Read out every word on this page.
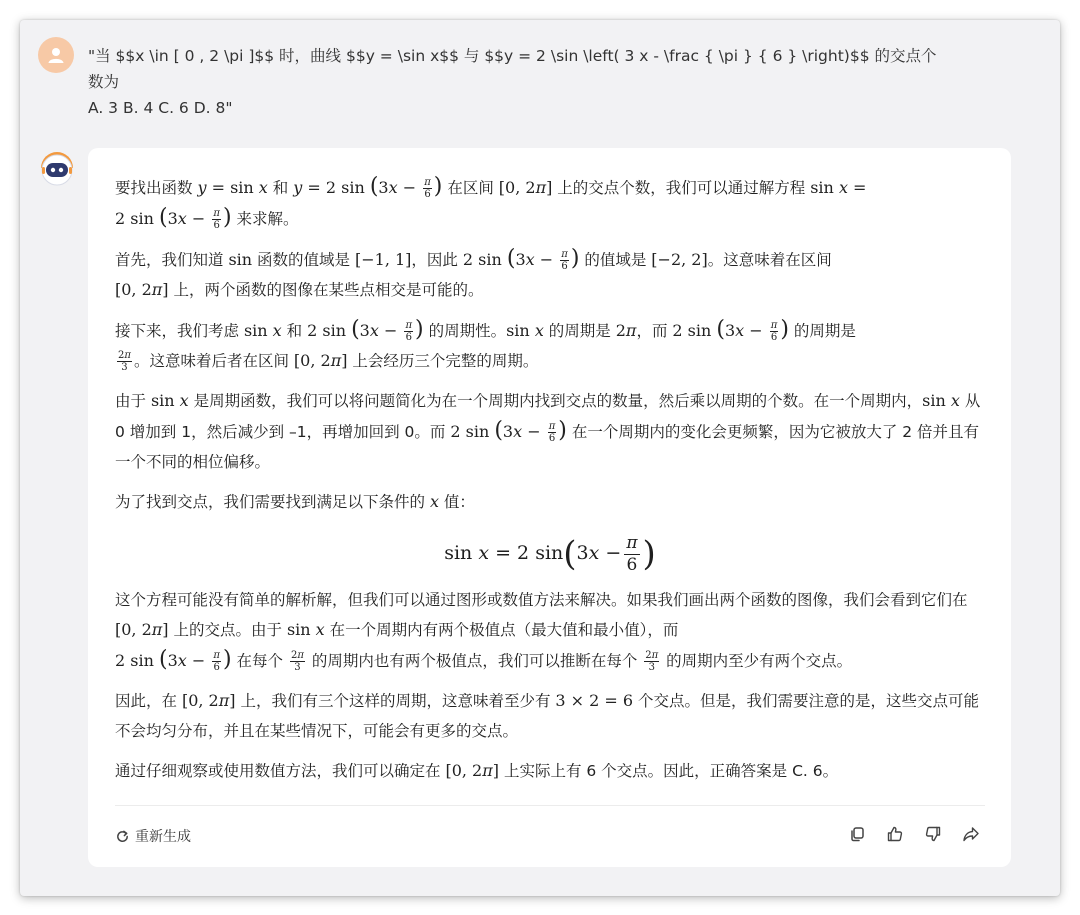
"当 $$x \in [ 0 , 2 \pi ]$$ 时，曲线 $$y = \sin x$$ 与 $$y = 2 \sin \left( 3 x - \frac { \pi } { 6 } \right)$$ 的交点个
数为
A. 3 B. 4 C. 6 D. 8"

要找出函数 y = sin x 和 y = 2 $\sin (3x - \frac{\pi}{6}$ ) 在区间 [0, 2π] 上的交点个数，我们可以通过解方程 sin x =
2 $\sin (3x - \frac{\pi}{6}$ ) 来求解。

首先，我们知道 sin 函数的值域是 [−1, 1]，因此 2 $\sin (3x - \frac{\pi}{6}$ ) 的值域是 [−2, 2]。这意味着在区间
[0, 2π] 上，两个函数的图像在某些点相交是可能的。

接下来，我们考虑 sin x 和 2 $\sin (3x - \frac{\pi}{6}$ ) 的周期性。sin x 的周期是 2π，而 2 $\sin (3x - \frac{\pi}{6}$ ) 的周期是

$\frac{2\pi}{3}$ 。这意味着后者在区间 [0, 2π] 上会经历三个完整的周期。

由于 sin x 是周期函数，我们可以将问题简化为在一个周期内找到交点的数量，然后乘以周期的个数。在一个周期内，sin x 从 0 增加到 1，然后减少到 –1，再增加回到 0。而 2 $\sin (3x - \frac{\pi}{6}$ ) 在一个周期内的变化会更频繁，因为它被放大了 2 倍并且有一个不同的相位偏移。

为了找到交点，我们需要找到满足以下条件的 x 值：

sin x = 2 $\sin(3x - \frac{\pi}{6}$ )

这个方程可能没有简单的解析解，但我们可以通过图形或数值方法来解决。如果我们画出两个函数的图像，我们会看到它们在 [0, 2π] 上的交点。由于 sin x 在一个周期内有两个极值点（最大值和最小值），而
2 $\sin (3x - \frac{\pi}{6}$ ) 在每个 $\frac{2\pi}{3}$ 的周期内也有两个极值点，我们可以推断在每个 $\frac{2\pi}{3}$ 的周期内至少有两个交点。

因此，在 [0, 2π] 上，我们有三个这样的周期，这意味着至少有 3 × 2 = 6 个交点。但是，我们需要注意的是，这些交点可能不会均匀分布，并且在某些情况下，可能会有更多的交点。

通过仔细观察或使用数值方法，我们可以确定在 [0, 2π] 上实际上有 6 个交点。因此，正确答案是 C. 6。

重新生成
